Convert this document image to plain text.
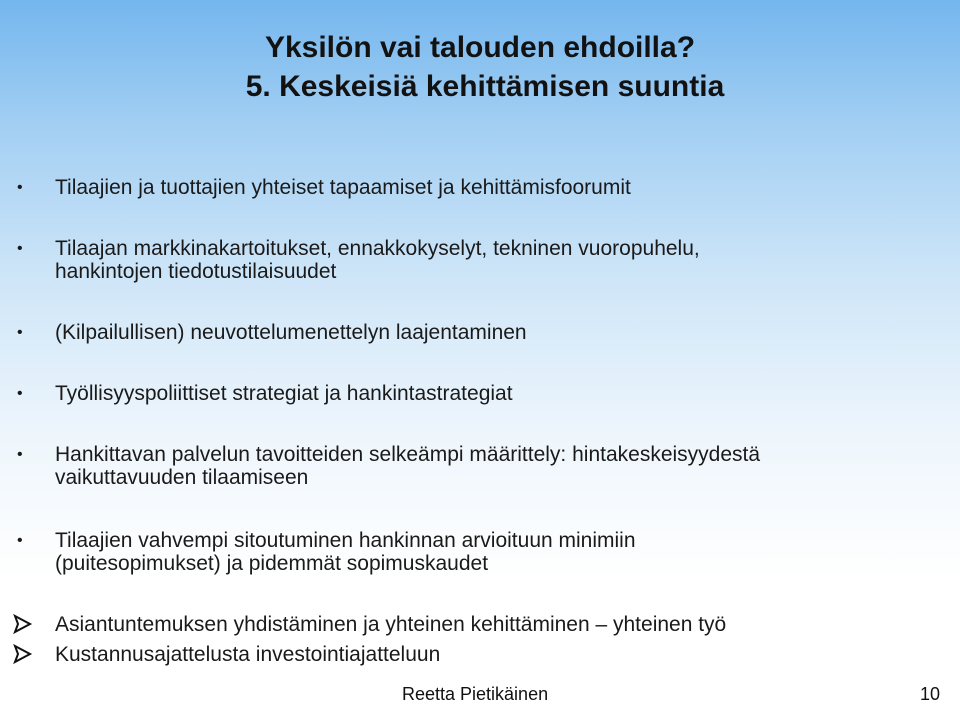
Yksilön vai talouden ehdoilla?
5. Keskeisiä kehittämisen suuntia
•	Tilaajien ja tuottajien yhteiset tapaamiset ja kehittämisfoorumit
•	Tilaajan markkinakartoitukset, ennakkokyselyt, tekninen vuoropuhelu,
hankintojen tiedotustilaisuudet
•	(Kilpailullisen) neuvottelumenettelyn laajentaminen
•	Työllisyyspoliittiset strategiat ja hankintastrategiat
•	Hankittavan palvelun tavoitteiden selkeämpi määrittely: hintakeskeisyydestä
vaikuttavuuden tilaamiseen
•	Tilaajien vahvempi sitoutuminen hankinnan arvioituun minimiin
(puitesopimukset) ja pidemmät sopimuskaudet
Asiantuntemuksen yhdistäminen ja yhteinen kehittäminen – yhteinen työ
Kustannusajattelusta investointiajatteluun
Reetta Pietikäinen	10
